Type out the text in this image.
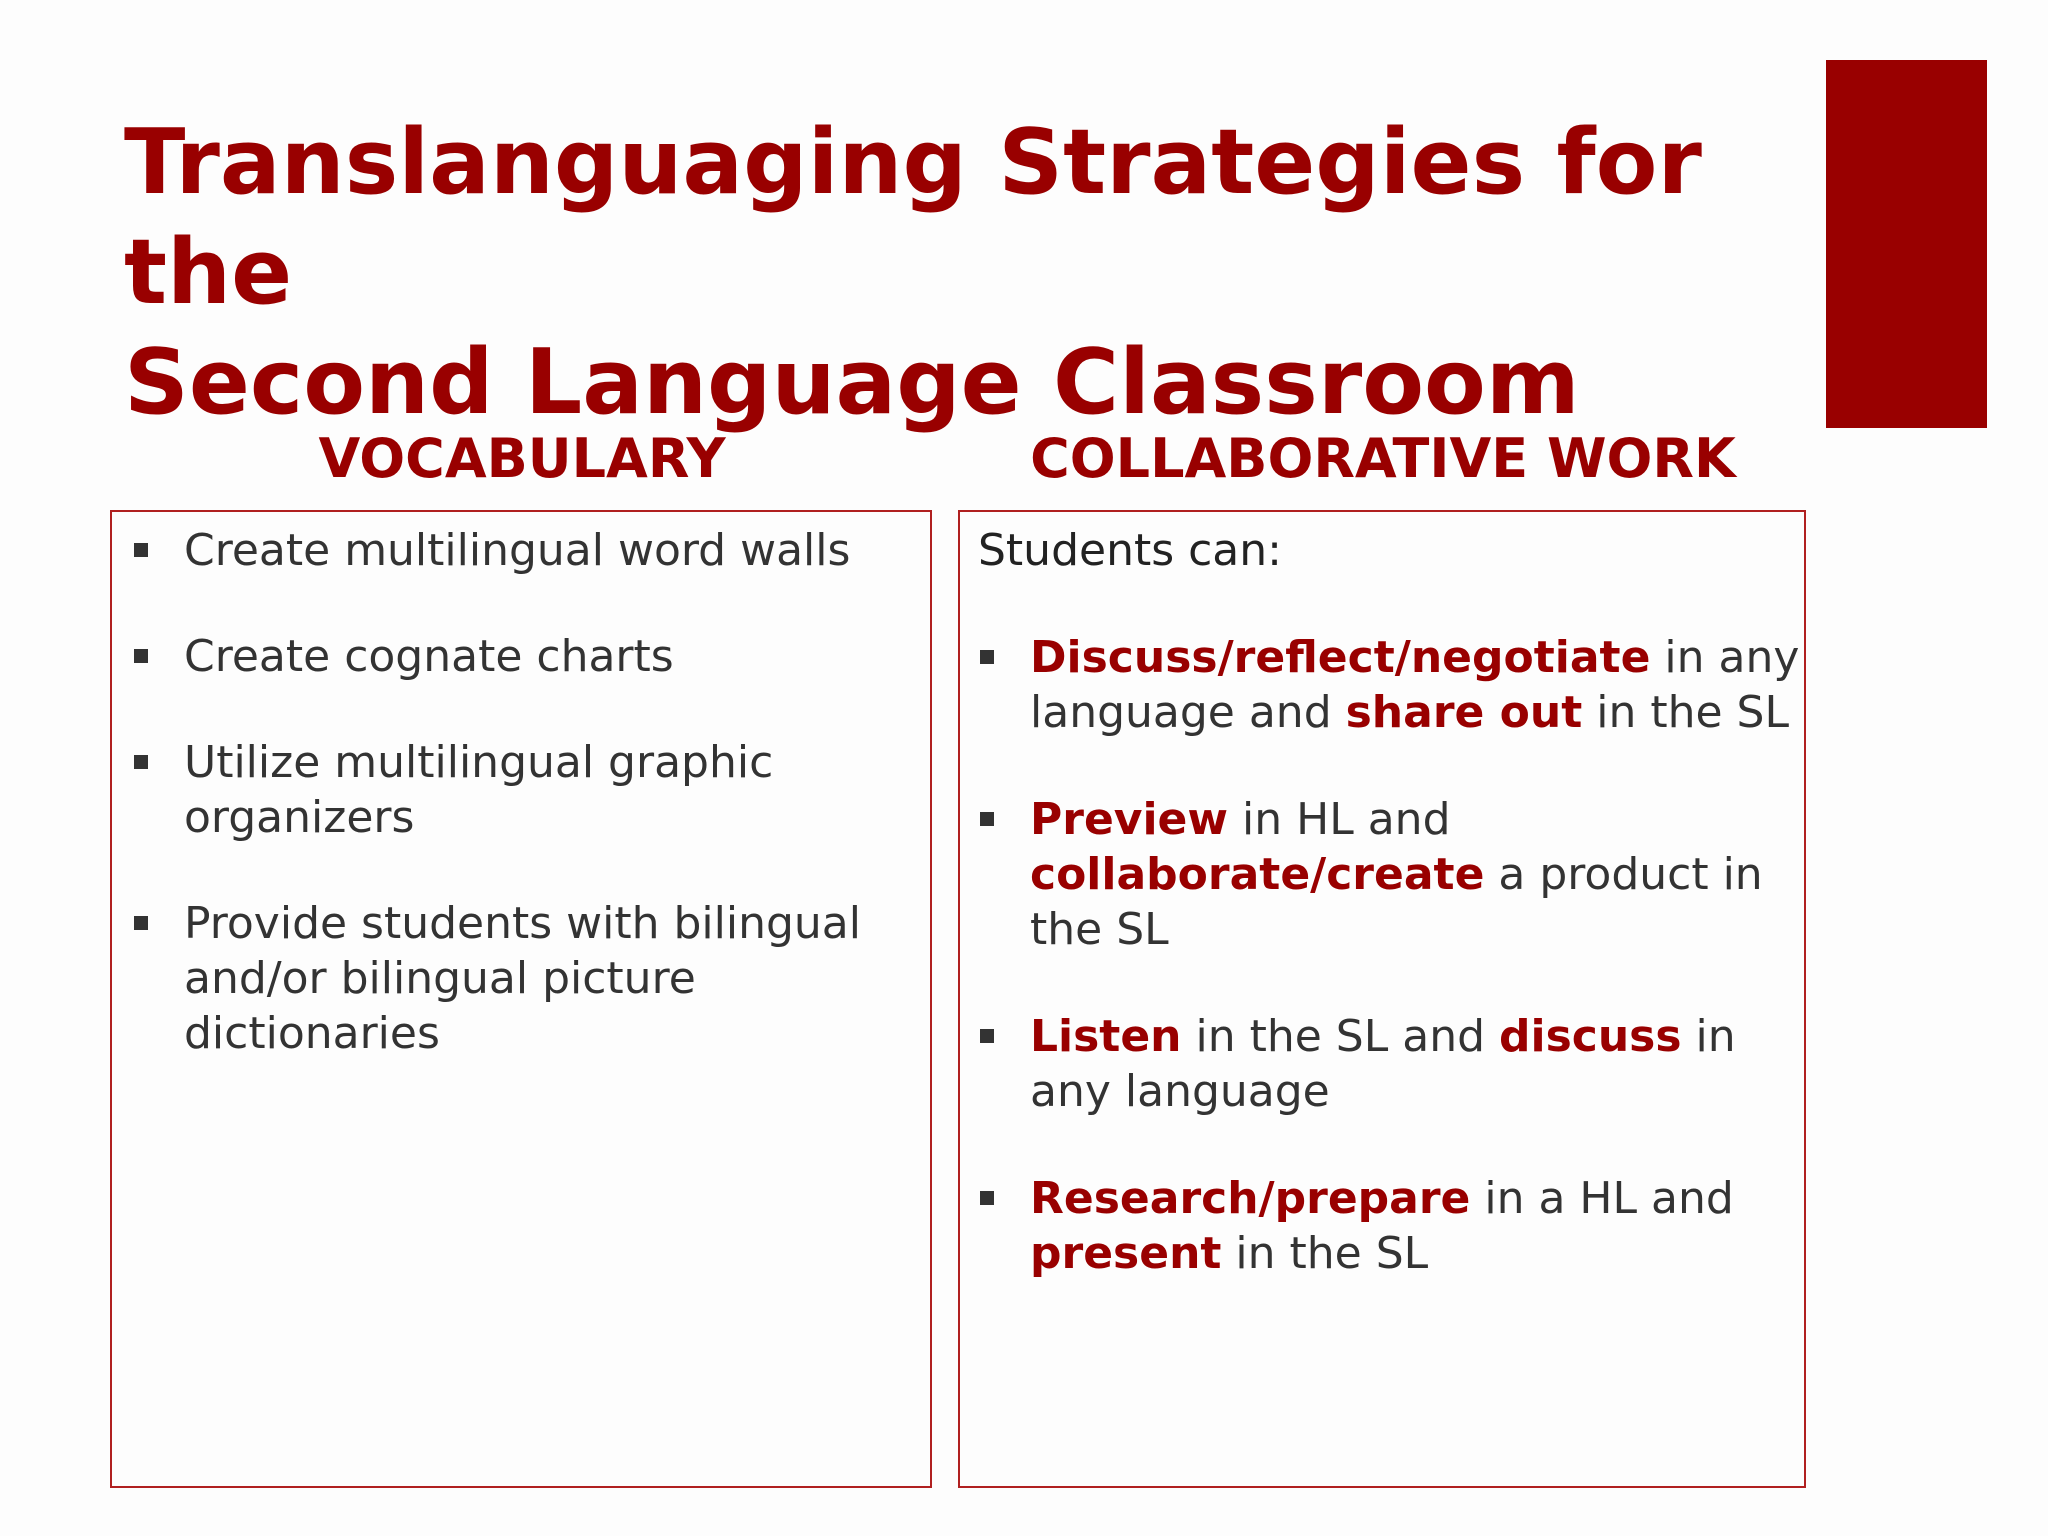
Translanguaging Strategies for the
Second Language Classroom
VOCABULARY	COLLABORATIVE WORK
Create multilingual word walls
Create cognate charts
Utilize multilingual graphic organizers
Provide students with bilingual and/or bilingual picture dictionaries
Students can:
Discuss/reflect/negotiate in any language and share out in the SL
Preview in HL and collaborate/create a product in the SL
Listen in the SL and discuss in any language
Research/prepare in a HL and present in the SL
